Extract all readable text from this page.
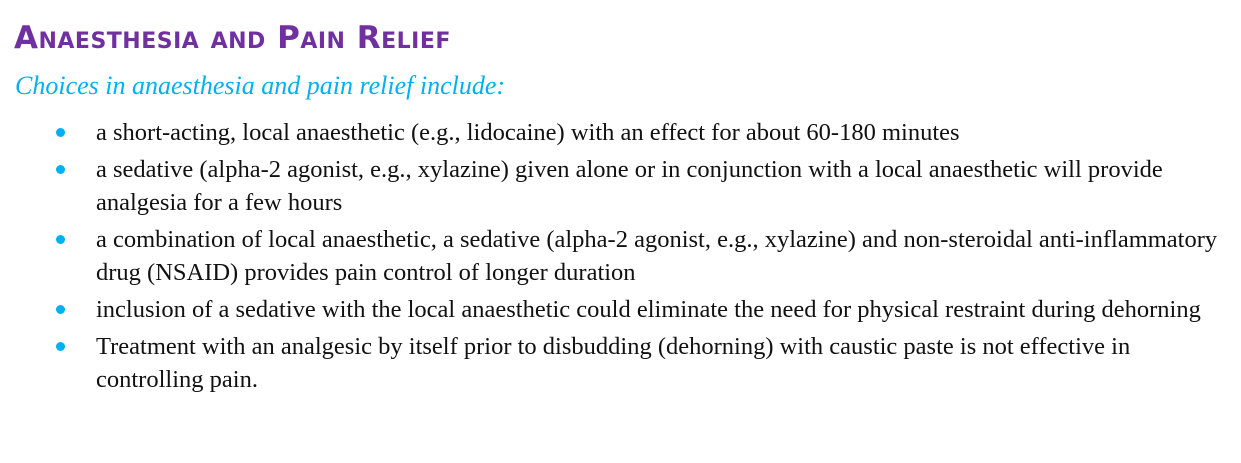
Anaesthesia and Pain Relief
Choices in anaesthesia and pain relief include:
a short-acting, local anaesthetic (e.g., lidocaine) with an effect for about 60-180 minutes
a sedative (alpha-2 agonist, e.g., xylazine) given alone or in conjunction with a local anaesthetic will provide analgesia for a few hours
a combination of local anaesthetic, a sedative (alpha-2 agonist, e.g., xylazine) and non-steroidal anti-inflammatory drug (NSAID) provides pain control of longer duration
inclusion of a sedative with the local anaesthetic could eliminate the need for physical restraint during dehorning
Treatment with an analgesic by itself prior to disbudding (dehorning) with caustic paste is not effective in controlling pain.
